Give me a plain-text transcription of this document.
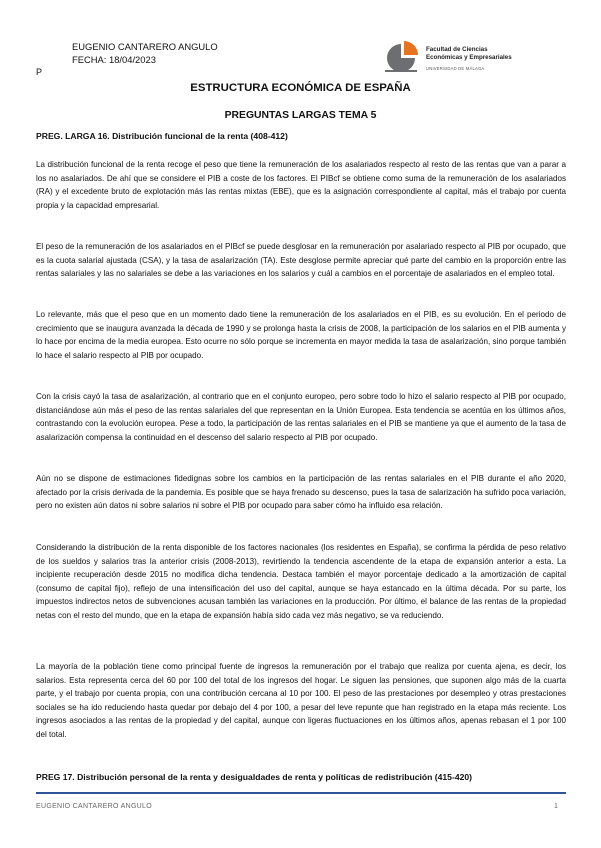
EUGENIO CANTARERO ANGULO
FECHA: 18/04/2023
P
Facultad de Ciencias
Económicas y Empresariales
UNIVERSIDAD DE MÁLAGA
ESTRUCTURA ECONÓMICA DE ESPAÑA
PREGUNTAS LARGAS TEMA 5
PREG. LARGA 16. Distribución funcional de la renta (408-412)
La distribución funcional de la renta recoge el peso que tiene la remuneración de los asalariados respecto al resto de las rentas que van a parar a los no asalariados. De ahí que se considere el PIB a coste de los factores. El PIBcf se obtiene como suma de la remuneración de los asalariados (RA) y el excedente bruto de explotación más las rentas mixtas (EBE), que es la asignación correspondiente al capital, más el trabajo por cuenta propia y la capacidad empresarial.
El peso de la remuneración de los asalariados en el PIBcf se puede desglosar en la remuneración por asalariado respecto al PIB por ocupado, que es la cuota salarial ajustada (CSA), y la tasa de asalarización (TA). Este desglose permite apreciar qué parte del cambio en la proporción entre las rentas salariales y las no salariales se debe a las variaciones en los salarios y cuál a cambios en el porcentaje de asalariados en el empleo total.
Lo relevante, más que el peso que en un momento dado tiene la remuneración de los asalariados en el PIB, es su evolución. En el periodo de crecimiento que se inaugura avanzada la década de 1990 y se prolonga hasta la crisis de 2008, la participación de los salarios en el PIB aumenta y lo hace por encima de la media europea. Esto ocurre no sólo porque se incrementa en mayor medida la tasa de asalarización, sino porque también lo hace el salario respecto al PIB por ocupado.
Con la crisis cayó la tasa de asalarización, al contrario que en el conjunto europeo, pero sobre todo lo hizo el salario respecto al PIB por ocupado, distanciándose aún más el peso de las rentas salariales del que representan en la Unión Europea. Esta tendencia se acentúa en los últimos años, contrastando con la evolución europea. Pese a todo, la participación de las rentas salariales en el PIB se mantiene ya que el aumento de la tasa de asalarización compensa la continuidad en el descenso del salario respecto al PIB por ocupado.
Aún no se dispone de estimaciones fidedignas sobre los cambios en la participación de las rentas salariales en el PIB durante el año 2020, afectado por la crisis derivada de la pandemia. Es posible que se haya frenado su descenso, pues la tasa de salarización ha sufrido poca variación, pero no existen aún datos ni sobre salarios ni sobre el PIB por ocupado para saber cómo ha influido esa relación.
Considerando la distribución de la renta disponible de los factores nacionales (los residentes en España), se confirma la pérdida de peso relativo de los sueldos y salarios tras la anterior crisis (2008-2013), revirtiendo la tendencia ascendente de la etapa de expansión anterior a esta. La incipiente recuperación desde 2015 no modifica dicha tendencia. Destaca también el mayor porcentaje dedicado a la amortización de capital (consumo de capital fijo), reflejo de una intensificación del uso del capital, aunque se haya estancado en la última década. Por su parte, los impuestos indirectos netos de subvenciones acusan también las variaciones en la producción. Por último, el balance de las rentas de la propiedad netas con el resto del mundo, que en la etapa de expansión había sido cada vez más negativo, se va reduciendo.
La mayoría de la población tiene como principal fuente de ingresos la remuneración por el trabajo que realiza por cuenta ajena, es decir, los salarios. Esta representa cerca del 60 por 100 del total de los ingresos del hogar. Le siguen las pensiones, que suponen algo más de la cuarta parte, y el trabajo por cuenta propia, con una contribución cercana al 10 por 100. El peso de las prestaciones por desempleo y otras prestaciones sociales se ha ido reduciendo hasta quedar por debajo del 4 por 100, a pesar del leve repunte que han registrado en la etapa más reciente. Los ingresos asociados a las rentas de la propiedad y del capital, aunque con ligeras fluctuaciones en los últimos años, apenas rebasan el 1 por 100 del total.
PREG 17. Distribución personal de la renta y desigualdades de renta y políticas de redistribución (415-420)
EUGENIO CANTARERO ANGULO	1
